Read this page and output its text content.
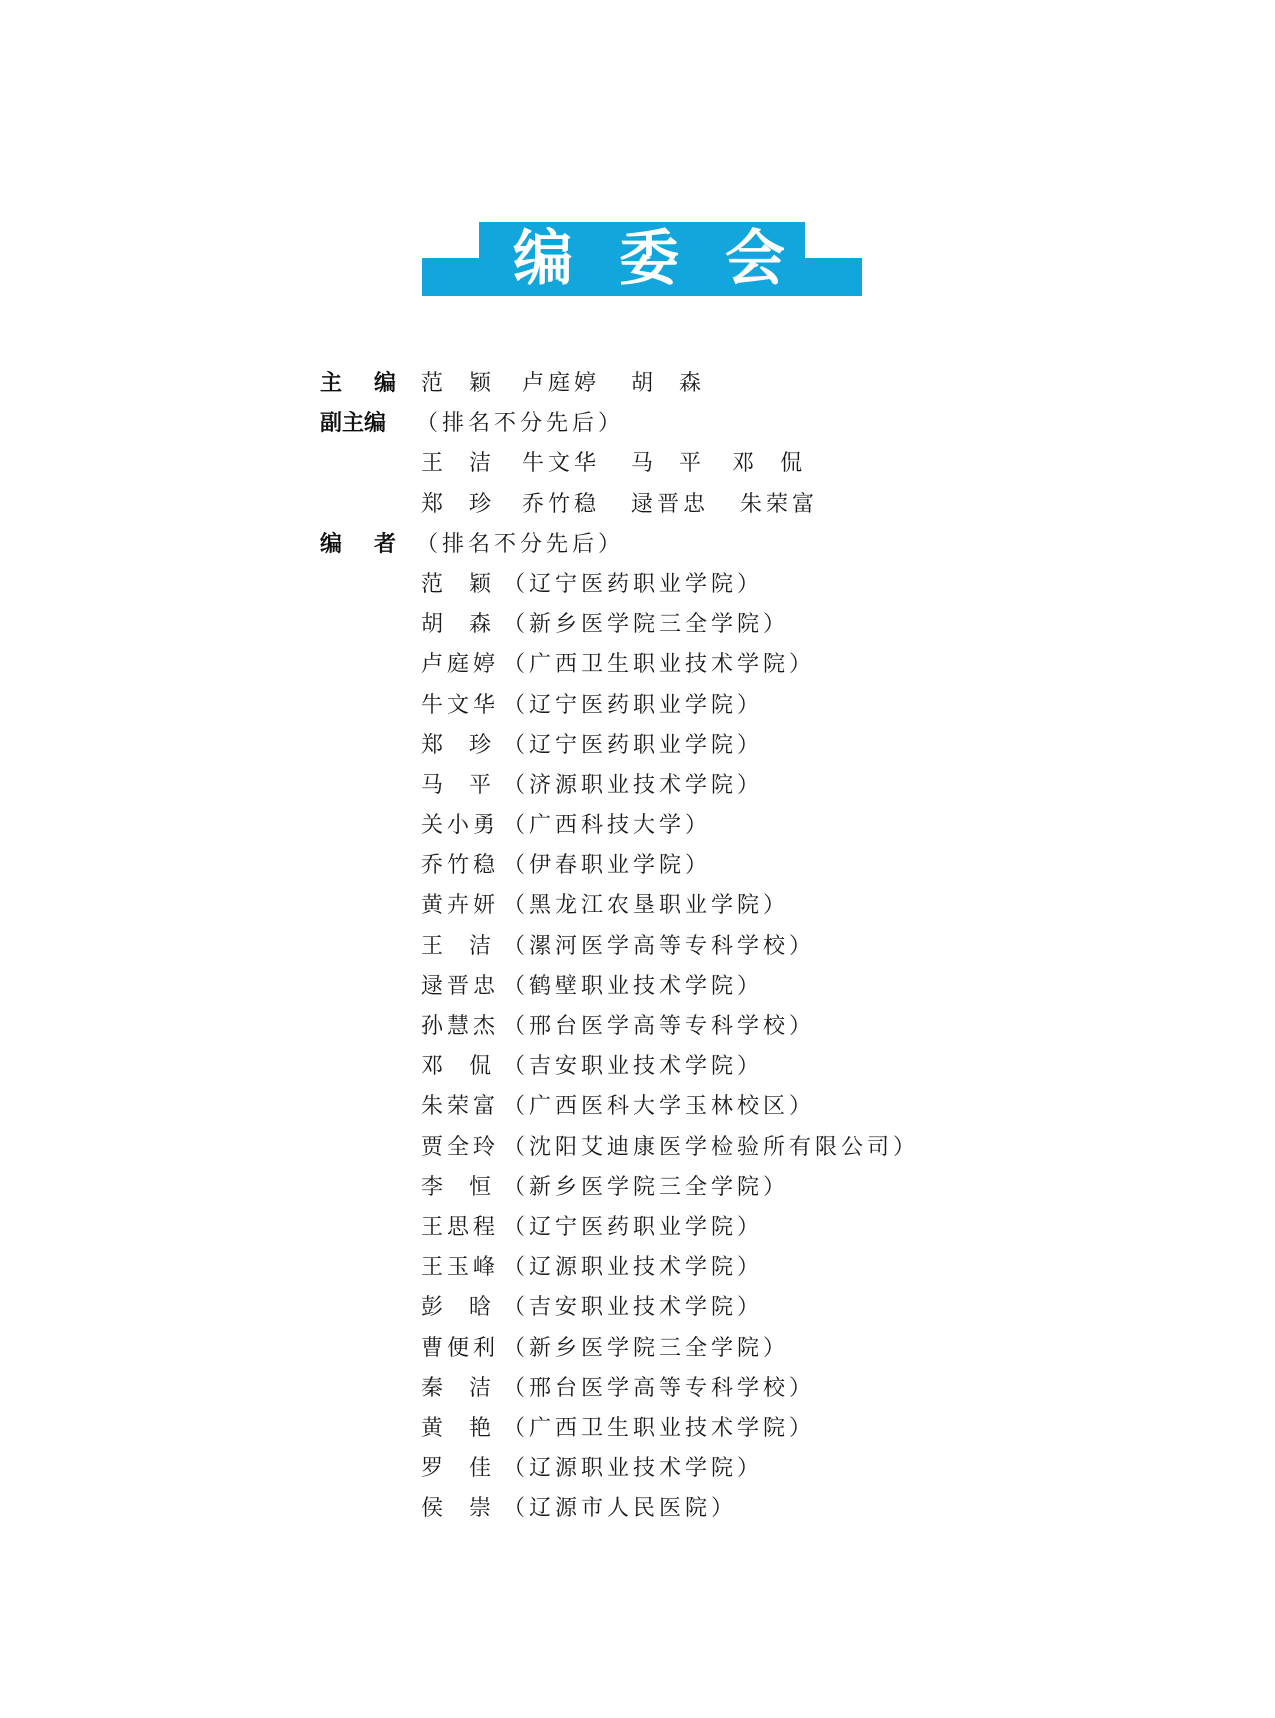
编 委 会
主 编 范 颖 卢庭婷 胡 森
副主编	（排名不分先后）
王 洁 牛文华 马 平 邓 侃
郑 珍 乔竹稳 逯晋忠 朱荣富
编 者 （排名不分先后）
范 颖 （辽宁医药职业学院）
胡 森 （新乡医学院三全学院）
卢庭婷 （广西卫生职业技术学院）
牛文华 （辽宁医药职业学院）
郑 珍 （辽宁医药职业学院）
马 平 （济源职业技术学院）
关小勇 （广西科技大学）
乔竹稳 （伊春职业学院）
黄卉妍 （黑龙江农垦职业学院）
王 洁 （漯河医学高等专科学校）
逯晋忠 （鹤壁职业技术学院）
孙慧杰 （邢台医学高等专科学校）
邓 侃 （吉安职业技术学院）
朱荣富 （广西医科大学玉林校区）
贾全玲 （沈阳艾迪康医学检验所有限公司）
李 恒 （新乡医学院三全学院）
王思程 （辽宁医药职业学院）
王玉峰 （辽源职业技术学院）
彭 晗 （吉安职业技术学院）
曹便利 （新乡医学院三全学院）
秦 洁 （邢台医学高等专科学校）
黄 艳 （广西卫生职业技术学院）
罗 佳 （辽源职业技术学院）
侯 崇 （辽源市人民医院）
